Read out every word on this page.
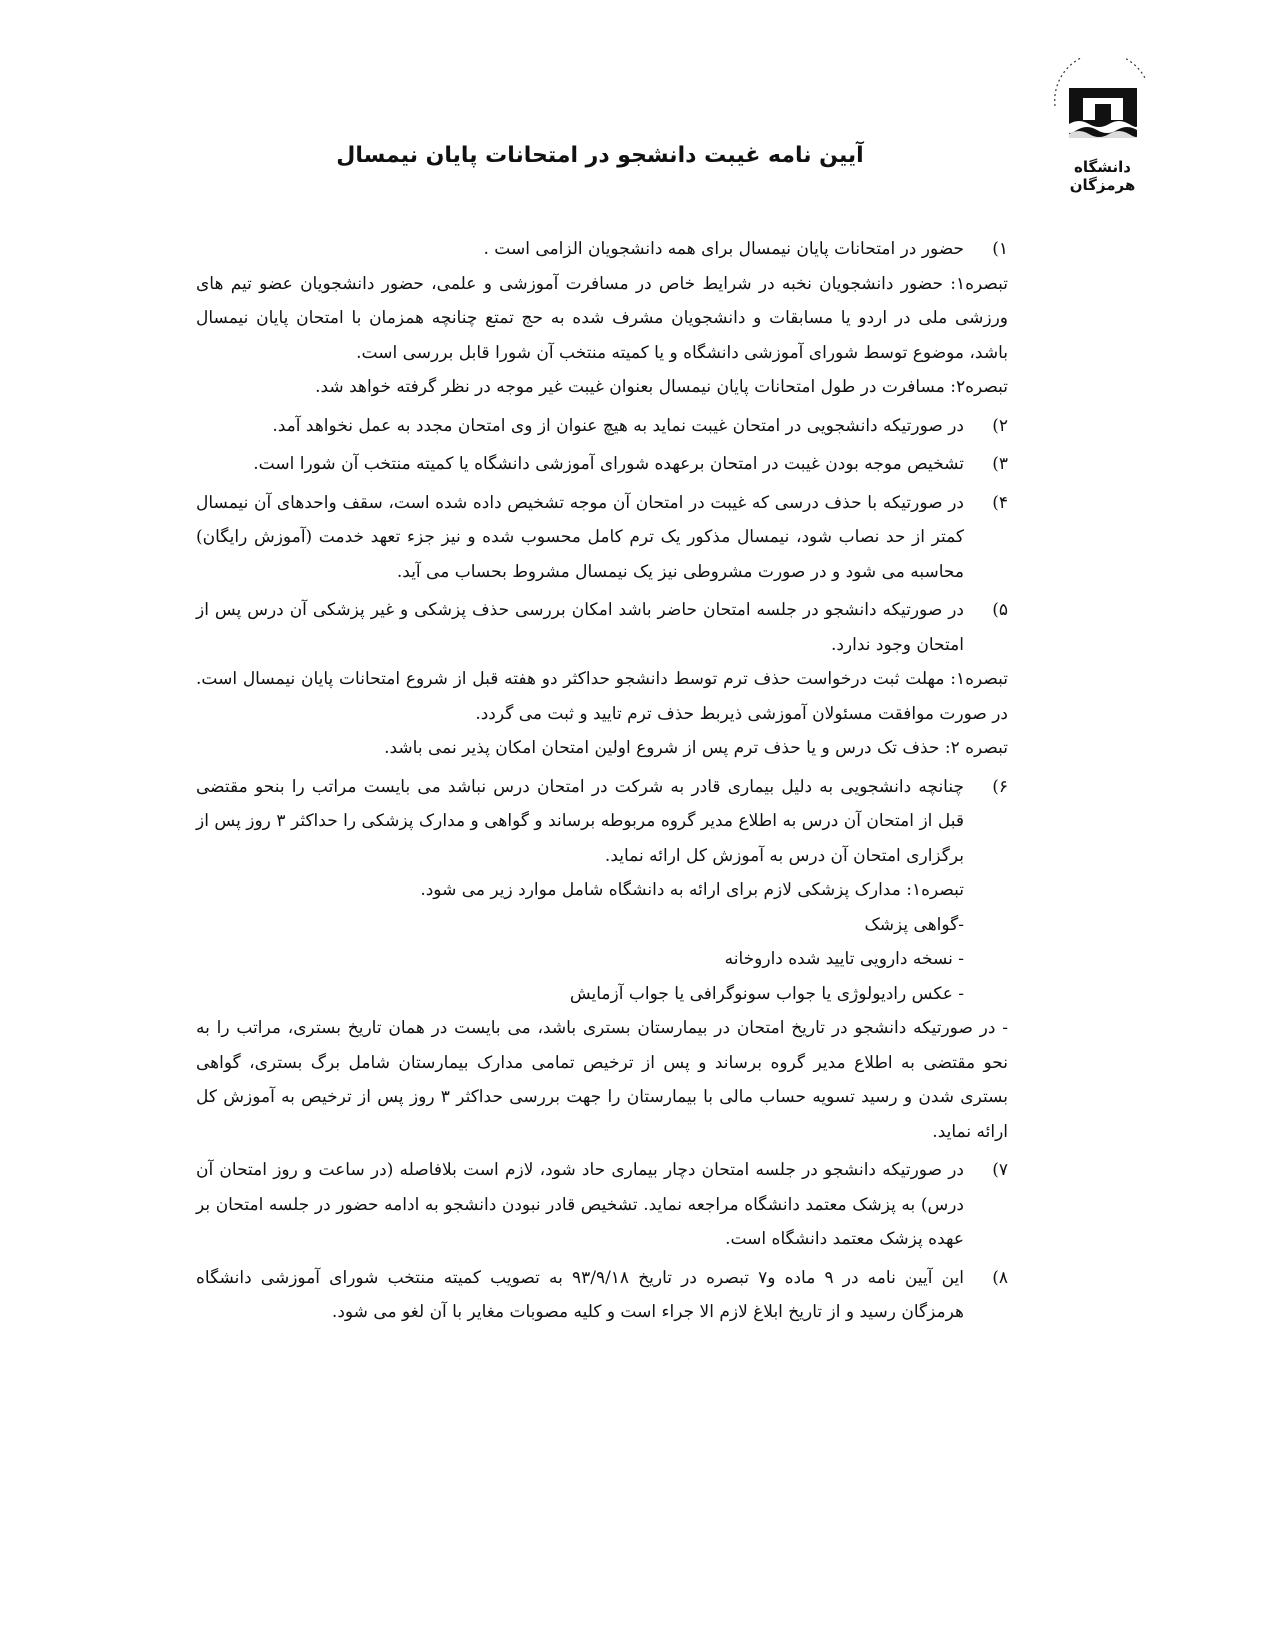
دانشگاه هرمزگان
آیین نامه غیبت دانشجو در امتحانات پایان نیمسال
۱)

حضور در امتحانات پایان نیمسال برای همه دانشجویان الزامی است .

تبصره۱: حضور دانشجویان نخبه در شرایط خاص در مسافرت آموزشی و علمی، حضور دانشجویان عضو تیم های ورزشی ملی در اردو یا مسابقات و دانشجویان مشرف شده به حج تمتع چنانچه همزمان با امتحان پایان نیمسال باشد، موضوع توسط شورای آموزشی دانشگاه و یا کمیته منتخب آن شورا قابل بررسی است.

تبصره۲: مسافرت در طول امتحانات پایان نیمسال بعنوان غیبت غیر موجه در نظر گرفته خواهد شد.

۲)

در صورتیکه دانشجویی در امتحان غیبت نماید به هیچ عنوان از وی امتحان مجدد به عمل نخواهد آمد.

۳)

تشخیص موجه بودن غیبت در امتحان برعهده شورای آموزشی دانشگاه یا کمیته منتخب آن شورا است.

۴)

در صورتیکه با حذف درسی که غیبت در امتحان آن موجه تشخیص داده شده است، سقف واحدهای آن نیمسال کمتر از حد نصاب شود، نیمسال مذکور یک ترم کامل محسوب شده و نیز جزء تعهد خدمت (آموزش رایگان) محاسبه می شود و در صورت مشروطی نیز یک نیمسال مشروط بحساب می آید.

۵)

در صورتیکه دانشجو در جلسه امتحان حاضر باشد امکان بررسی حذف پزشکی و غیر پزشکی آن درس پس از امتحان وجود ندارد.

تبصره۱: مهلت ثبت درخواست حذف ترم توسط دانشجو حداکثر دو هفته قبل از شروع امتحانات پایان نیمسال است. در صورت موافقت مسئولان آموزشی ذیربط حذف ترم تایید و ثبت می گردد.

تبصره ۲: حذف تک درس و یا حذف ترم پس از شروع اولین امتحان امکان پذیر نمی باشد.

۶)

چنانچه دانشجویی به دلیل بیماری قادر به شرکت در امتحان درس نباشد می بایست مراتب را بنحو مقتضی قبل از امتحان آن درس به اطلاع مدیر گروه مربوطه برساند و گواهی و مدارک پزشکی را حداکثر ۳ روز پس از برگزاری امتحان آن درس به آموزش کل ارائه نماید.

تبصره۱: مدارک پزشکی لازم برای ارائه به دانشگاه شامل موارد زیر می شود.

-گواهی پزشک

- نسخه دارویی تایید شده داروخانه

- عکس رادیولوژی یا جواب سونوگرافی یا جواب آزمایش

- در صورتیکه دانشجو در تاریخ امتحان در بیمارستان بستری باشد، می بایست در همان تاریخ بستری، مراتب را به نحو مقتضی به اطلاع مدیر گروه برساند و پس از ترخیص تمامی مدارک بیمارستان شامل برگ بستری، گواهی بستری شدن و رسید تسویه حساب مالی با بیمارستان را جهت بررسی حداکثر ۳ روز پس از ترخیص به آموزش کل ارائه نماید.

۷)

در صورتیکه دانشجو در جلسه امتحان دچار بیماری حاد شود، لازم است بلافاصله (در ساعت و روز امتحان آن درس) به پزشک معتمد دانشگاه مراجعه نماید. تشخیص قادر نبودن دانشجو به ادامه حضور در جلسه امتحان بر عهده پزشک معتمد دانشگاه است.

۸)

این آیین نامه در ۹ ماده و۷ تبصره در تاریخ ۹۳/۹/۱۸ به تصویب کمیته منتخب شورای آموزشی دانشگاه هرمزگان رسید و از تاریخ ابلاغ لازم الا جراء است و کلیه مصوبات مغایر با آن لغو می شود.
